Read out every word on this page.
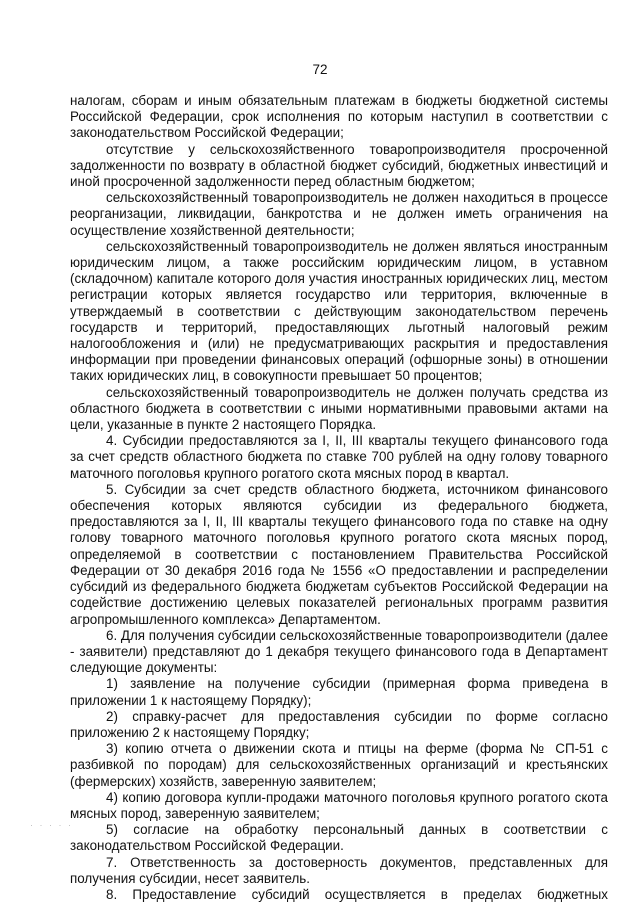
72

налогам, сборам и иным обязательным платежам в бюджеты бюджетной системы Российской Федерации, срок исполнения по которым наступил в соответствии с законодательством Российской Федерации;

отсутствие у сельскохозяйственного товаропроизводителя просроченной задолженности по возврату в областной бюджет субсидий, бюджетных инвестиций и иной просроченной задолженности перед областным бюджетом;

сельскохозяйственный товаропроизводитель не должен находиться в процессе реорганизации, ликвидации, банкротства и не должен иметь ограничения на осуществление хозяйственной деятельности;

сельскохозяйственный товаропроизводитель не должен являться иностранным юридическим лицом, а также российским юридическим лицом, в уставном (складочном) капитале которого доля участия иностранных юридических лиц, местом регистрации которых является государство или территория, включенные в утверждаемый в соответствии с действующим законодательством перечень государств и территорий, предоставляющих льготный налоговый режим налогообложения и (или) не предусматривающих раскрытия и предоставления информации при проведении финансовых операций (офшорные зоны) в отношении таких юридических лиц, в совокупности превышает 50 процентов;

сельскохозяйственный товаропроизводитель не должен получать средства из областного бюджета в соответствии с иными нормативными правовыми актами на цели, указанные в пункте 2 настоящего Порядка.

4. Субсидии предоставляются за I, II, III кварталы текущего финансового года за счет средств областного бюджета по ставке 700 рублей на одну голову товарного маточного поголовья крупного рогатого скота мясных пород в квартал.

5. Субсидии за счет средств областного бюджета, источником финансового обеспечения которых являются субсидии из федерального бюджета, предоставляются за I, II, III кварталы текущего финансового года по ставке на одну голову товарного маточного поголовья крупного рогатого скота мясных пород, определяемой в соответствии с постановлением Правительства Российской Федерации от 30 декабря 2016 года № 1556 «О предоставлении и распределении субсидий из федерального бюджета бюджетам субъектов Российской Федерации на содействие достижению целевых показателей региональных программ развития агропромышленного комплекса» Департаментом.

6. Для получения субсидии сельскохозяйственные товаропроизводители (далее - заявители) представляют до 1 декабря текущего финансового года в Департамент следующие документы:

1) заявление на получение субсидии (примерная форма приведена в приложении 1 к настоящему Порядку);

2) справку-расчет для предоставления субсидии по форме согласно приложению 2 к настоящему Порядку;

3) копию отчета о движении скота и птицы на ферме (форма № СП-51 с разбивкой по породам) для сельскохозяйственных организаций и крестьянских (фермерских) хозяйств, заверенную заявителем;

4) копию договора купли-продажи маточного поголовья крупного рогатого скота мясных пород, заверенную заявителем;

5) согласие на обработку персональный данных в соответствии с законодательством Российской Федерации.

7. Ответственность за достоверность документов, представленных для получения субсидии, несет заявитель.

8. Предоставление субсидий осуществляется в пределах бюджетных

· · · · ·
